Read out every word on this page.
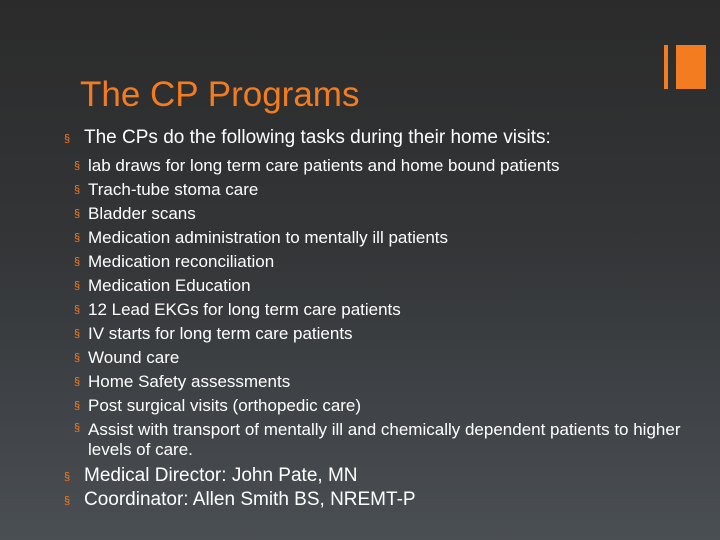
The CP Programs
§ The CPs do the following tasks during their home visits:
§ lab draws for long term care patients and home bound patients
§ Trach-tube stoma care
§ Bladder scans
§ Medication administration to mentally ill patients
§ Medication reconciliation
§ Medication Education
§ 12 Lead EKGs for long term care patients
§ IV starts for long term care patients
§ Wound care
§ Home Safety assessments
§ Post surgical visits (orthopedic care)
§ Assist with transport of mentally ill and chemically dependent patients to higher levels of care.
§ Medical Director: John Pate, MN
§ Coordinator: Allen Smith BS, NREMT-P
